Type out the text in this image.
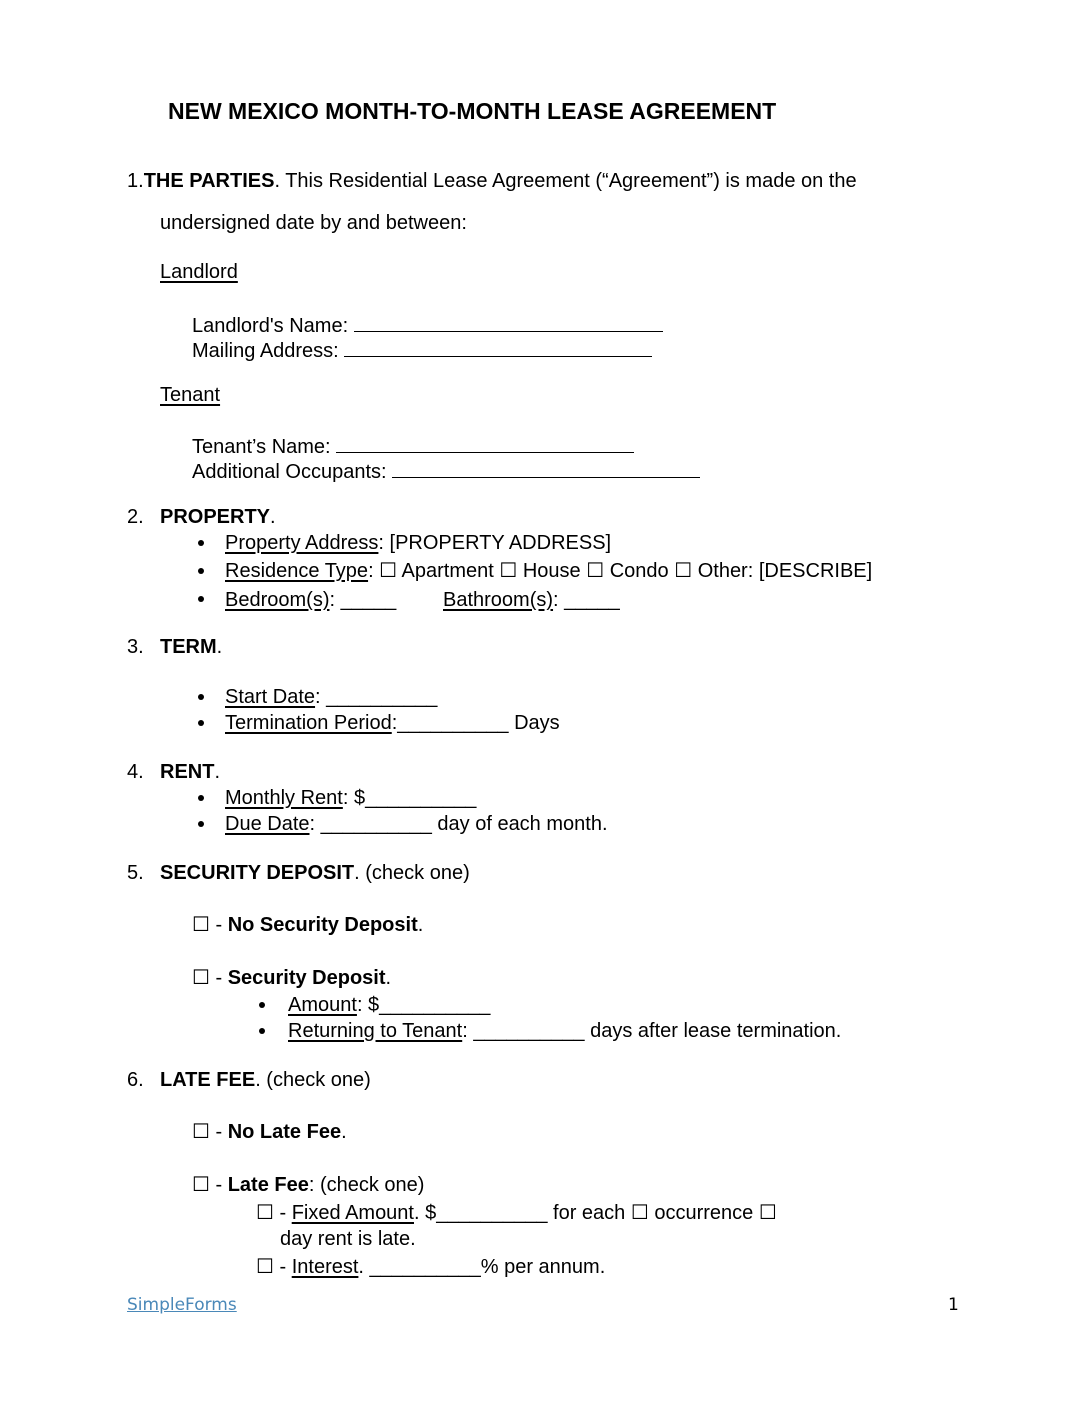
NEW MEXICO MONTH-TO-MONTH LEASE AGREEMENT
1.THE PARTIES. This Residential Lease Agreement (“Agreement”) is made on the
undersigned date by and between:
Landlord
Landlord's Name:
Mailing Address:
Tenant
Tenant’s Name:
Additional Occupants:
2. PROPERTY.
Property Address: [PROPERTY ADDRESS]
Residence Type: ☐ Apartment ☐ House ☐ Condo ☐ Other: [DESCRIBE]
Bedroom(s): _____ Bathroom(s): _____
3. TERM.
Start Date: __________
Termination Period:__________ Days
4. RENT.
Monthly Rent: $__________
Due Date: __________ day of each month.
5. SECURITY DEPOSIT. (check one)
☐ - No Security Deposit.
☐ - Security Deposit.
Amount: $__________
Returning to Tenant: __________ days after lease termination.
6. LATE FEE. (check one)
☐ - No Late Fee.
☐ - Late Fee: (check one)
☐ - Fixed Amount. $__________ for each ☐ occurrence ☐
day rent is late.
☐ - Interest. __________% per annum.
SimpleForms	1
